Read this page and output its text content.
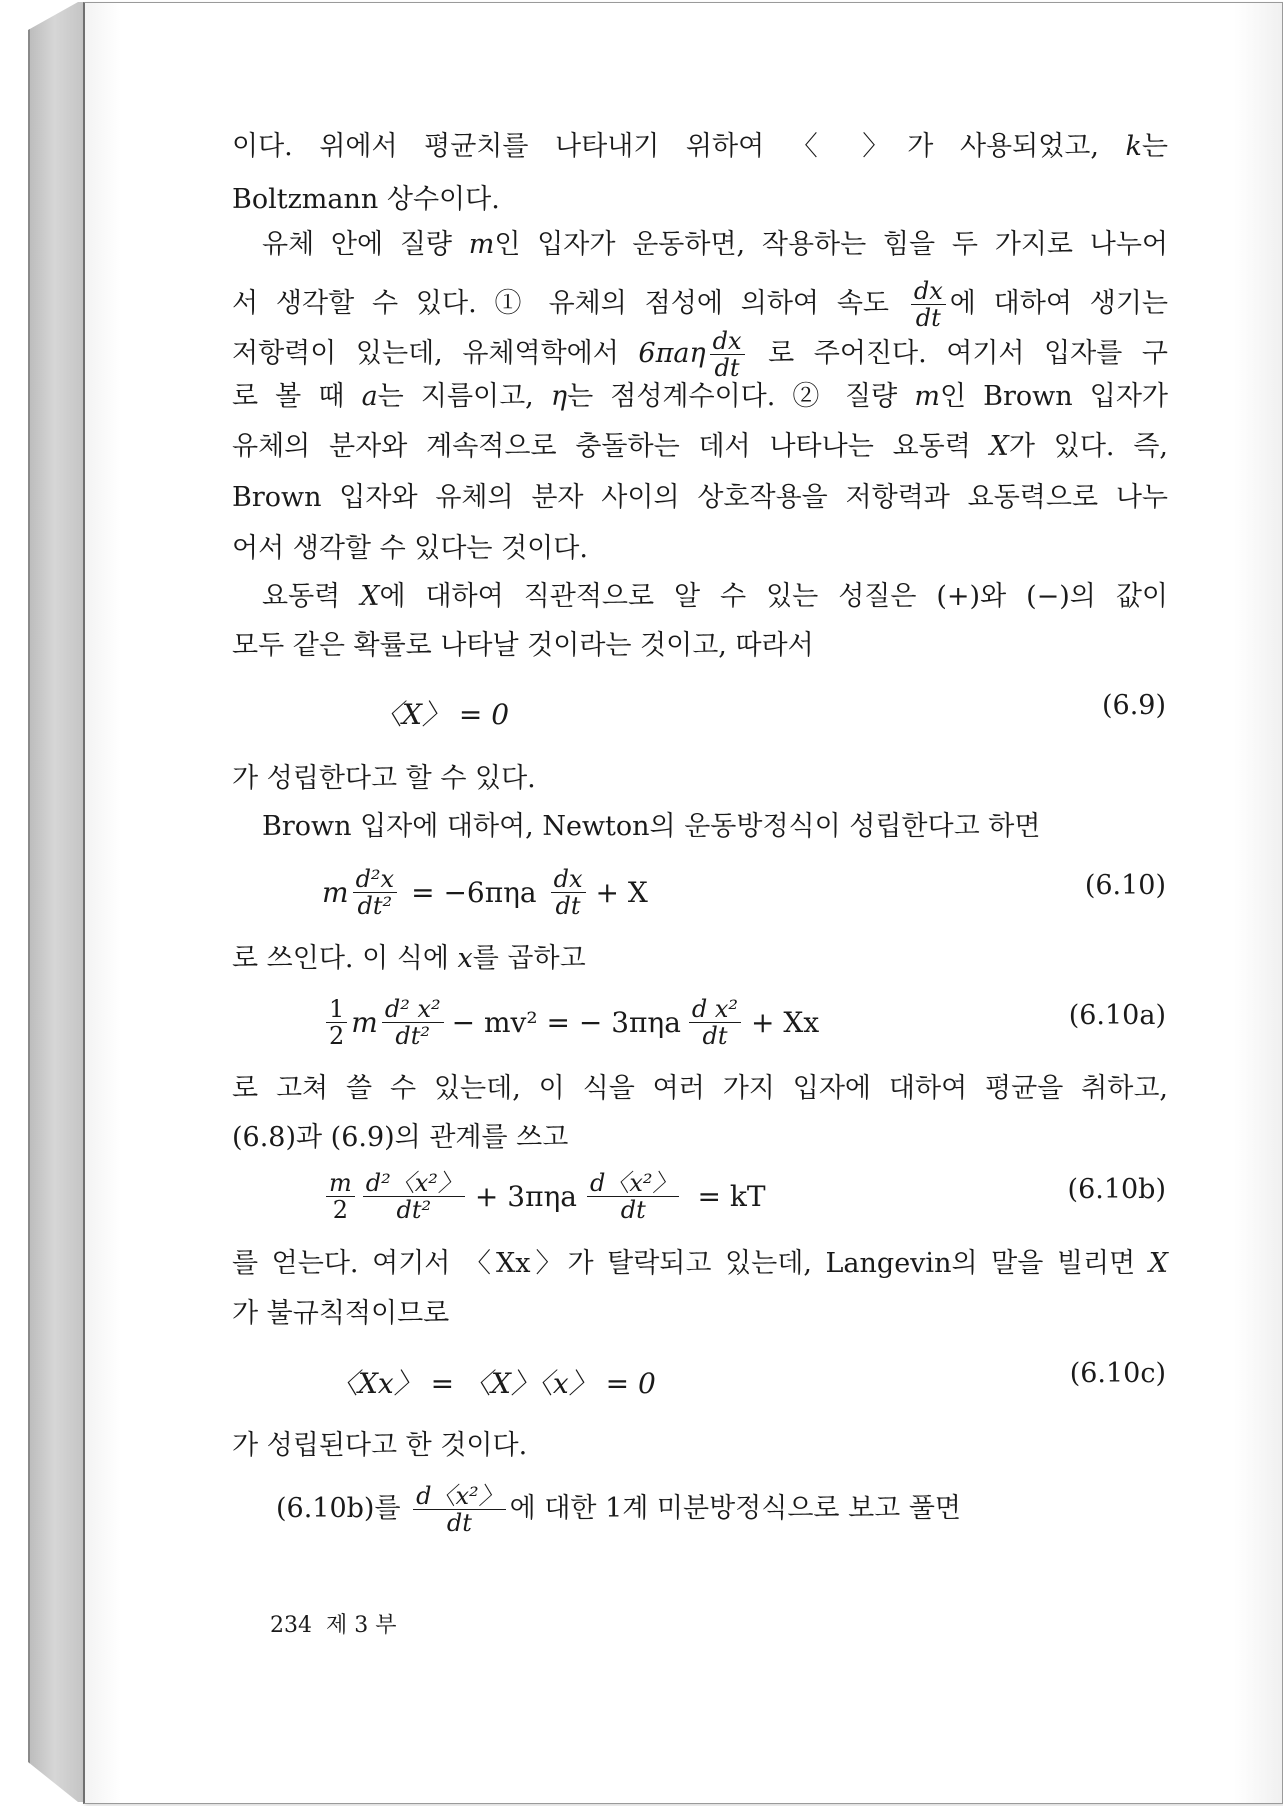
이다. 위에서 평균치를 나타내기 위하여 〈 〉가 사용되었고, k는
Boltzmann 상수이다.
유체 안에 질량 m인 입자가 운동하면, 작용하는 힘을 두 가지로 나누어
서 생각할 수 있다. ① 유체의 점성에 의하여 속도 $\frac{dx}{dt}$ 에 대하여 생기는
저항력이 있는데, 유체역학에서 $6\pi a\eta \frac{dx}{dt}$ 로 주어진다. 여기서 입자를 구
로 볼 때 a는 지름이고, η는 점성계수이다. ② 질량 m인 Brown 입자가
유체의 분자와 계속적으로 충돌하는 데서 나타나는 요동력 X가 있다. 즉,
Brown 입자와 유체의 분자 사이의 상호작용을 저항력과 요동력으로 나누
어서 생각할 수 있다는 것이다.
요동력 X에 대하여 직관적으로 알 수 있는 성질은 (+)와 (−)의 값이
모두 같은 확률로 나타날 것이라는 것이고, 따라서
〈X〉 = 0	(6.9)
가 성립한다고 할 수 있다.
Brown 입자에 대하여, Newton의 운동방정식이 성립한다고 하면
m $\frac{\text{d²x}}{\text{dt²}} = -6\pi\eta a \frac{dx}{dt} + X$	(6.10)
로 쓰인다. 이 식에 x를 곱하고
$\frac{1}{2}$ m $\frac{\text{d² x²}}{\text{dt²}} - mv^2$ = − $3\pi\eta a \frac{\text{d x²}}{dt} + Xx$	(6.10a)
로 고쳐 쓸 수 있는데, 이 식을 여러 가지 입자에 대하여 평균을 취하고,
(6.8)과 (6.9)의 관계를 쓰고
$\frac{m}{2} \frac{\text{d²〈x²〉}}{\text{dt²}} + 3\pi\eta a \frac{\text{d〈x²〉}}{dt}$ = kT	(6.10b)
를 얻는다. 여기서 〈Xx〉가 탈락되고 있는데, Langevin의 말을 빌리면 X
가 불규칙적이므로
〈Xx〉 = 〈X〉〈x〉 = 0	(6.10c)
가 성립된다고 한 것이다.
(6.10b)를 $\frac{\text{d〈x²〉}}{dt}$ 에 대한 1계 미분방정식으로 보고 풀면
234 제 3 부
